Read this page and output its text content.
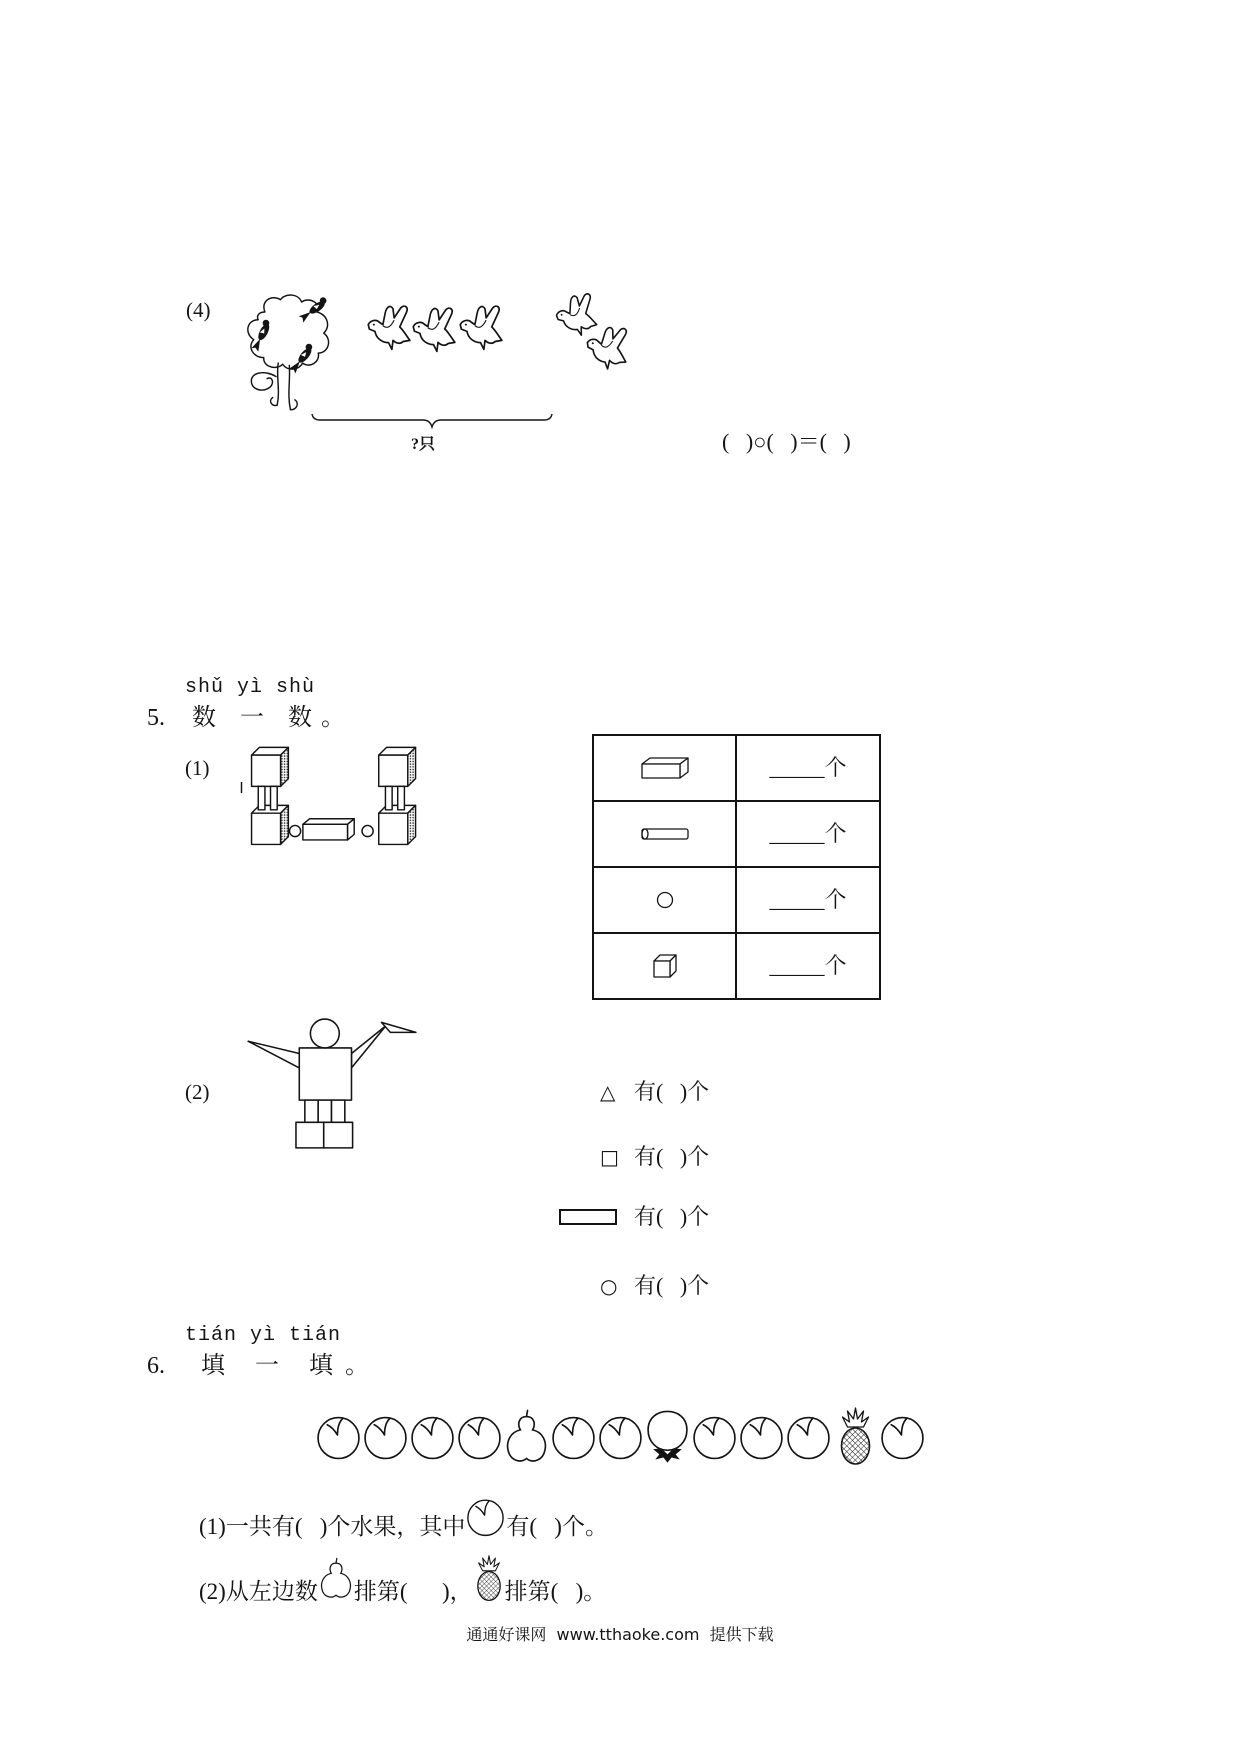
(4)
?只	(   )○(   )＝(   )
shǔ yì shù
5.	数 一 数。
(1)	_____个
_____个
_____个
_____个
(2)	△ 有(   )个
□ 有(   )个
有(   )个
○ 有(   )个
tián yì tián
6.	填 一 填。
(1)一共有(   )个水果，其中 有(   )个。
(2)从左边数 排第(      )， 排第(   )。
通通好课网  www.tthaoke.com  提供下载
